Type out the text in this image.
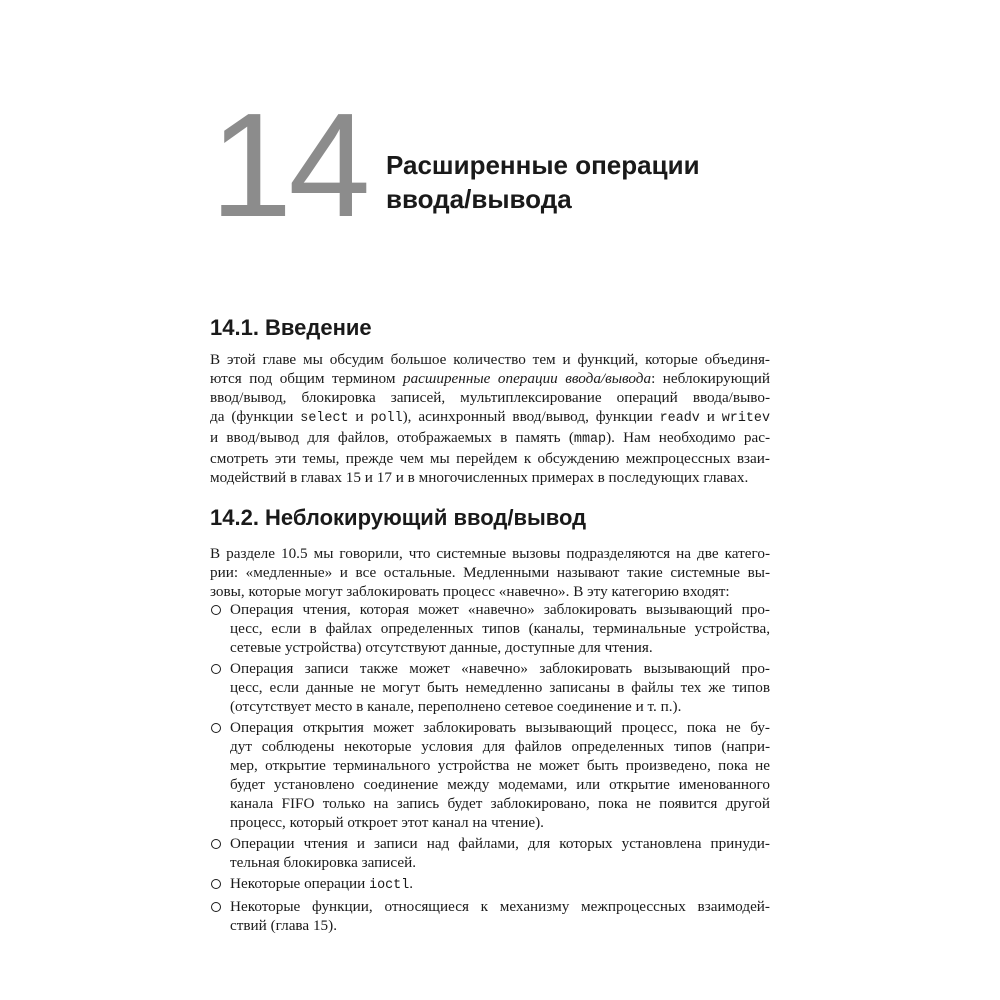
14 Расширенные операции
ввода/вывода
14.1. Введение
В этой главе мы обсудим большое количество тем и функций, которые объединя-
ются под общим термином расширенные операции ввода/вывода: неблокирующий
ввод/вывод, блокировка записей, мультиплексирование операций ввода/выво-
да (функции select и poll), асинхронный ввод/вывод, функции readv и writev
и ввод/вывод для файлов, отображаемых в память (mmap). Нам необходимо рас-
смотреть эти темы, прежде чем мы перейдем к обсуждению межпроцессных взаи-
модействий в главах 15 и 17 и в многочисленных примерах в последующих главах.
14.2. Неблокирующий ввод/вывод
В разделе 10.5 мы говорили, что системные вызовы подразделяются на две катего-
рии: «медленные» и все остальные. Медленными называют такие системные вы-
зовы, которые могут заблокировать процесс «навечно». В эту категорию входят:
Операция чтения, которая может «навечно» заблокировать вызывающий про-
цесс, если в файлах определенных типов (каналы, терминальные устройства,
сетевые устройства) отсутствуют данные, доступные для чтения.
Операция записи также может «навечно» заблокировать вызывающий про-
цесс, если данные не могут быть немедленно записаны в файлы тех же типов
(отсутствует место в канале, переполнено сетевое соединение и т. п.).
Операция открытия может заблокировать вызывающий процесс, пока не бу-
дут соблюдены некоторые условия для файлов определенных типов (напри-
мер, открытие терминального устройства не может быть произведено, пока не
будет установлено соединение между модемами, или открытие именованного
канала FIFO только на запись будет заблокировано, пока не появится другой
процесс, который откроет этот канал на чтение).
Операции чтения и записи над файлами, для которых установлена принуди-
тельная блокировка записей.
Некоторые операции ioctl.
Некоторые функции, относящиеся к механизму межпроцессных взаимодей-
ствий (глава 15).
